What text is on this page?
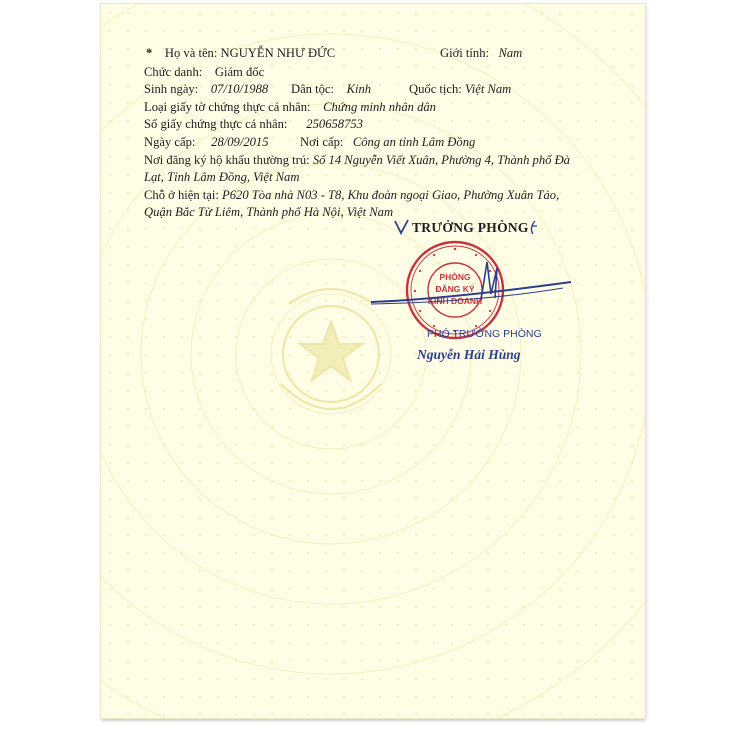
* Họ và tên: NGUYỄN NHƯ ĐỨC	Giới tính: Nam
Chức danh: Giám đốc
Sinh ngày: 07/10/1988 Dân tộc: Kinh	Quốc tịch: Việt Nam
Loại giấy tờ chứng thực cá nhân: Chứng minh nhân dân
Số giấy chứng thực cá nhân: 250658753
Ngày cấp: 28/09/2015 Nơi cấp: Công an tỉnh Lâm Đồng
Nơi đăng ký hộ khẩu thường trú: Số 14 Nguyễn Viết Xuân, Phường 4, Thành phố Đà
Lạt, Tỉnh Lâm Đồng, Việt Nam
Chỗ ở hiện tại: P620 Tòa nhà N03 - T8, Khu đoàn ngoại Giao, Phường Xuân Tảo,
Quận Bắc Từ Liêm, Thành phố Hà Nội, Việt Nam
TRƯỞNG PHÒNG
PHÒNG
ĐĂNG KÝ
KINH DOANH
PHÓ TRƯỞNG PHÒNG
Nguyễn Hải Hùng
